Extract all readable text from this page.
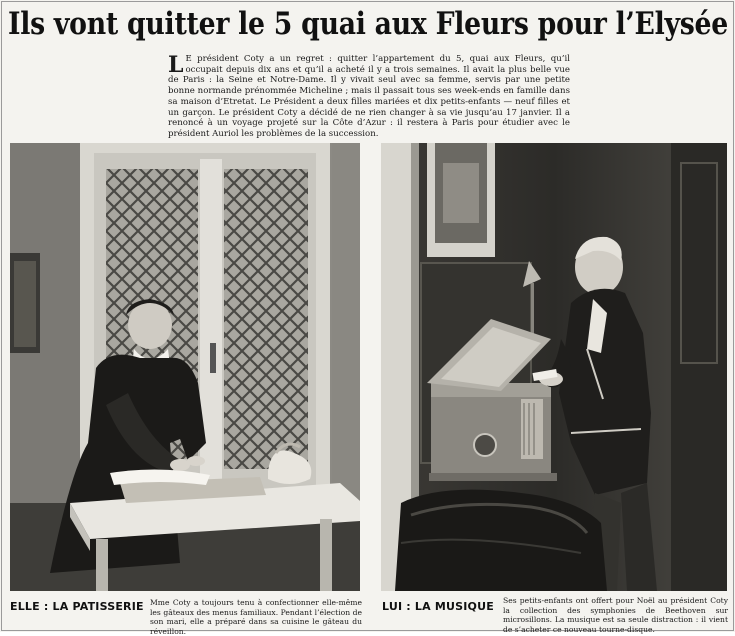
Ils vont quitter le 5 quai aux Fleurs pour l’Elysée
L E président Coty a un regret : quitter l’appartement du 5, quai aux Fleurs, qu’il occupait depuis dix ans et qu’il a acheté il y a trois semaines. Il avait la plus belle vue de Paris : la Seine et Notre-Dame. Il y vivait seul avec sa femme, servis par une petite bonne normande prénommée Micheline ; mais il passait tous ses week-ends en famille dans sa maison d’Etretat. Le Président a deux filles mariées et dix petits-enfants — neuf filles et un garçon. Le président Coty a décidé de ne rien changer à sa vie jusqu’au 17 janvier. Il a renoncé à un voyage projeté sur la Côte d’Azur : il restera à Paris pour étudier avec le président Auriol les problèmes de la succession.
ELLE : LA PATISSERIE Mme Coty a toujours tenu à confectionner elle-même les gâteaux des menus familiaux. Pendant l’élection de son mari, elle a préparé dans sa cuisine le gâteau du réveillon.
LUI : LA MUSIQUE Ses petits-enfants ont offert pour Noël au président Coty la collection des symphonies de Beethoven sur microsillons. La musique est sa seule distraction : il vient de s’acheter ce nouveau tourne-disque.
